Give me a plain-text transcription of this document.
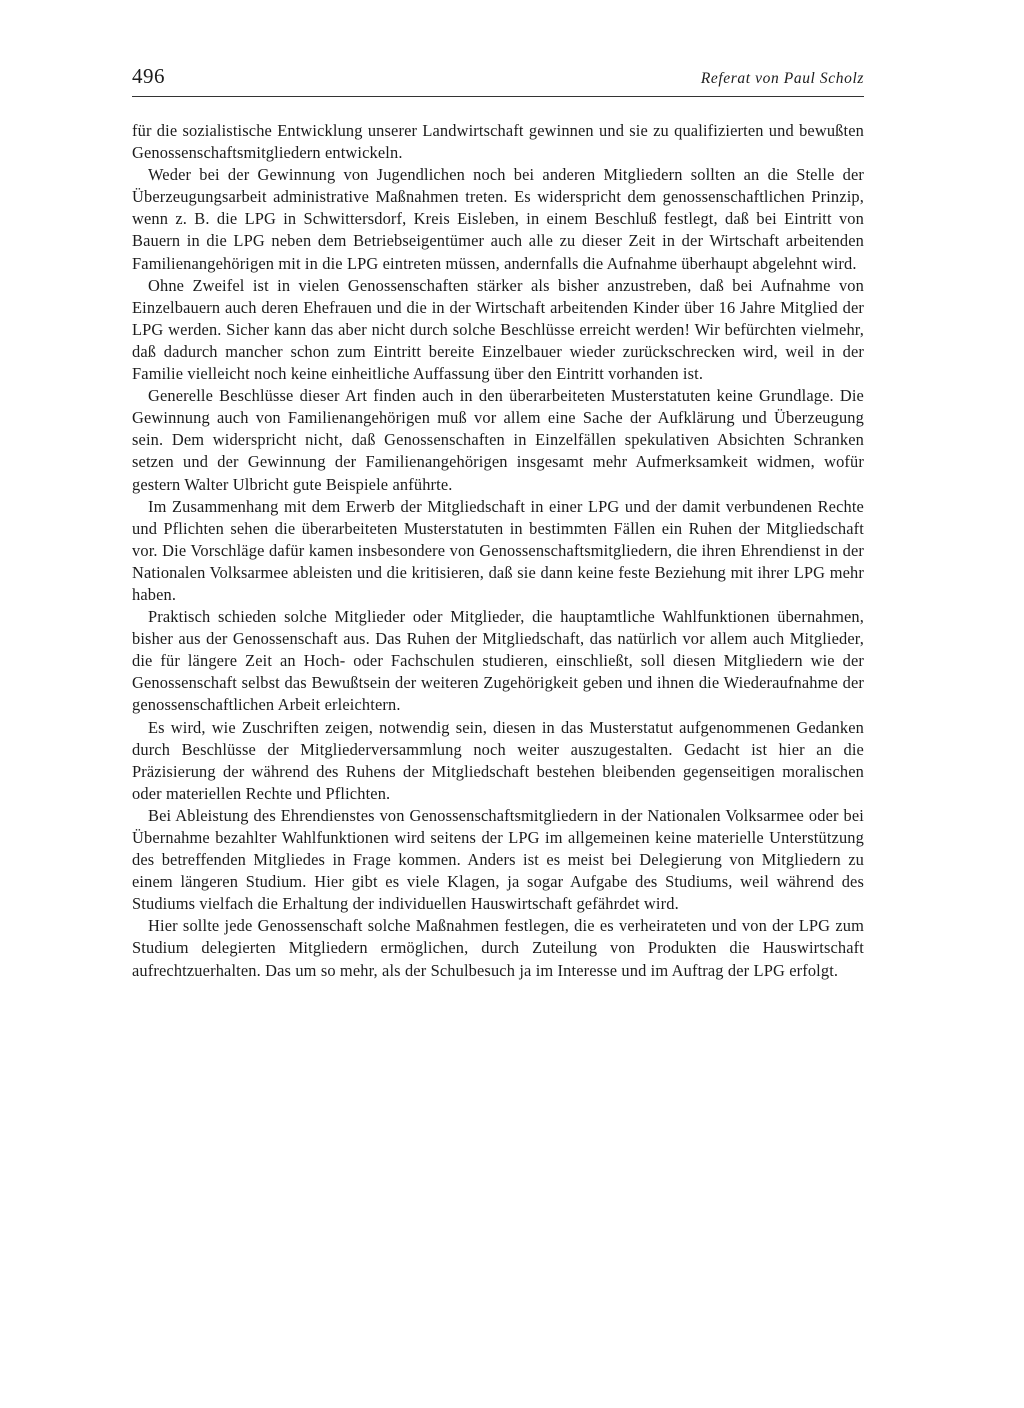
496	Referat von Paul Scholz

für die sozialistische Entwicklung unserer Landwirtschaft gewinnen und sie zu qualifizierten und bewußten Genossenschaftsmitgliedern entwickeln.

Weder bei der Gewinnung von Jugendlichen noch bei anderen Mitgliedern sollten an die Stelle der Überzeugungsarbeit administrative Maßnahmen treten. Es widerspricht dem genossenschaftlichen Prinzip, wenn z. B. die LPG in Schwittersdorf, Kreis Eisleben, in einem Beschluß festlegt, daß bei Eintritt von Bauern in die LPG neben dem Betriebseigentümer auch alle zu dieser Zeit in der Wirtschaft arbeitenden Familienangehörigen mit in die LPG eintreten müssen, andernfalls die Aufnahme überhaupt abgelehnt wird.

Ohne Zweifel ist in vielen Genossenschaften stärker als bisher anzustreben, daß bei Aufnahme von Einzelbauern auch deren Ehefrauen und die in der Wirtschaft arbeitenden Kinder über 16 Jahre Mitglied der LPG werden. Sicher kann das aber nicht durch solche Beschlüsse erreicht werden! Wir befürchten vielmehr, daß dadurch mancher schon zum Eintritt bereite Einzelbauer wieder zurückschrecken wird, weil in der Familie vielleicht noch keine einheitliche Auffassung über den Eintritt vorhanden ist.

Generelle Beschlüsse dieser Art finden auch in den überarbeiteten Musterstatuten keine Grundlage. Die Gewinnung auch von Familienangehörigen muß vor allem eine Sache der Aufklärung und Überzeugung sein. Dem widerspricht nicht, daß Genossenschaften in Einzelfällen spekulativen Absichten Schranken setzen und der Gewinnung der Familienangehörigen insgesamt mehr Aufmerksamkeit widmen, wofür gestern Walter Ulbricht gute Beispiele anführte.

Im Zusammenhang mit dem Erwerb der Mitgliedschaft in einer LPG und der damit verbundenen Rechte und Pflichten sehen die überarbeiteten Musterstatuten in bestimmten Fällen ein Ruhen der Mitgliedschaft vor. Die Vorschläge dafür kamen insbesondere von Genossenschaftsmitgliedern, die ihren Ehrendienst in der Nationalen Volksarmee ableisten und die kritisieren, daß sie dann keine feste Beziehung mit ihrer LPG mehr haben.

Praktisch schieden solche Mitglieder oder Mitglieder, die hauptamtliche Wahlfunktionen übernahmen, bisher aus der Genossenschaft aus. Das Ruhen der Mitgliedschaft, das natürlich vor allem auch Mitglieder, die für längere Zeit an Hoch- oder Fachschulen studieren, einschließt, soll diesen Mitgliedern wie der Genossenschaft selbst das Bewußtsein der weiteren Zugehörigkeit geben und ihnen die Wiederaufnahme der genossenschaftlichen Arbeit erleichtern.

Es wird, wie Zuschriften zeigen, notwendig sein, diesen in das Musterstatut aufgenommenen Gedanken durch Beschlüsse der Mitgliederversammlung noch weiter auszugestalten. Gedacht ist hier an die Präzisierung der während des Ruhens der Mitgliedschaft bestehen bleibenden gegenseitigen moralischen oder materiellen Rechte und Pflichten.

Bei Ableistung des Ehrendienstes von Genossenschaftsmitgliedern in der Nationalen Volksarmee oder bei Übernahme bezahlter Wahlfunktionen wird seitens der LPG im allgemeinen keine materielle Unterstützung des betreffenden Mitgliedes in Frage kommen. Anders ist es meist bei Delegierung von Mitgliedern zu einem längeren Studium. Hier gibt es viele Klagen, ja sogar Aufgabe des Studiums, weil während des Studiums vielfach die Erhaltung der individuellen Hauswirtschaft gefährdet wird.

Hier sollte jede Genossenschaft solche Maßnahmen festlegen, die es verheirateten und von der LPG zum Studium delegierten Mitgliedern ermöglichen, durch Zuteilung von Produkten die Hauswirtschaft aufrechtzuerhalten. Das um so mehr, als der Schulbesuch ja im Interesse und im Auftrag der LPG erfolgt.
